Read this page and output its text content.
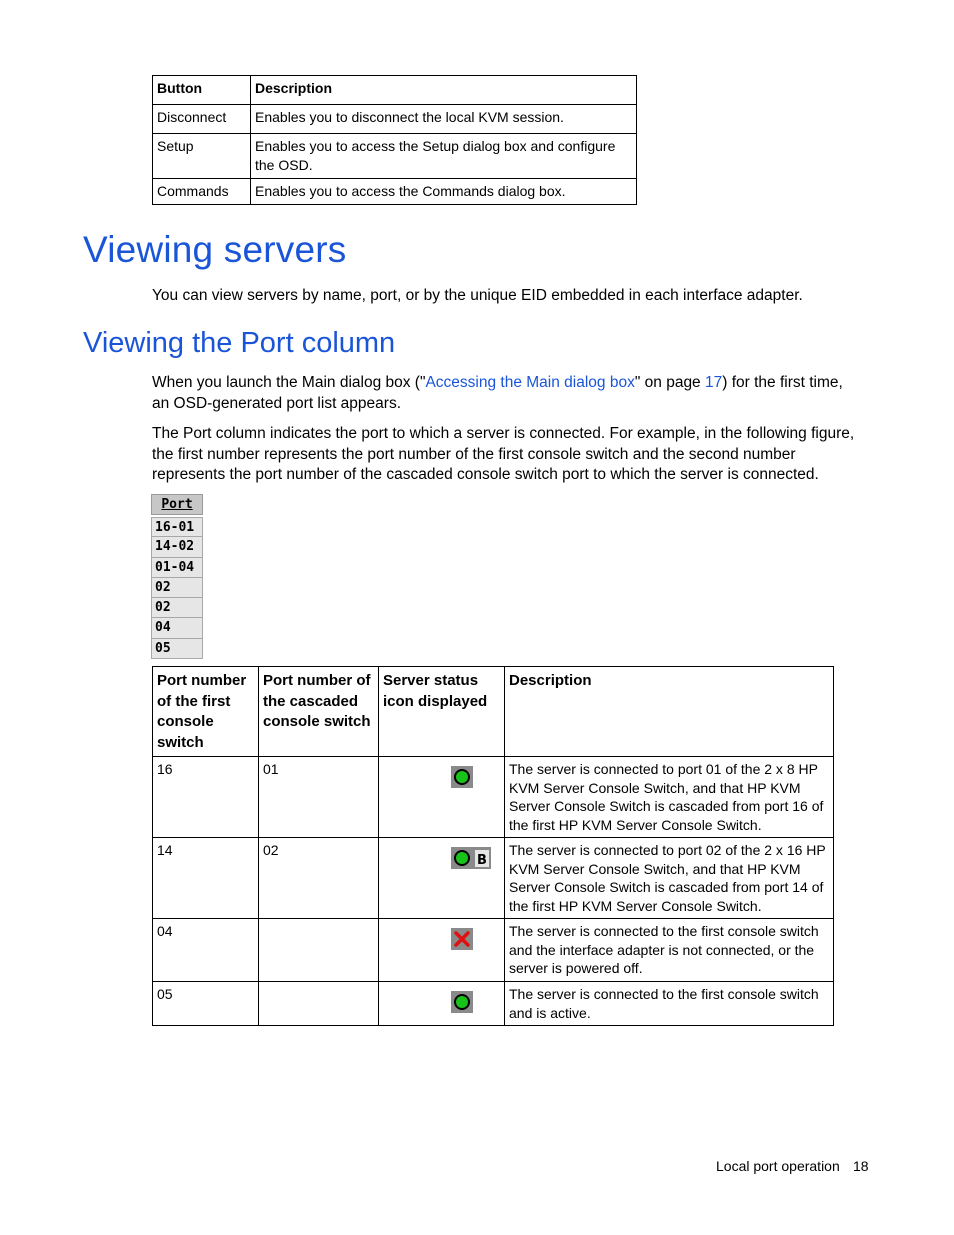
Button	Description
Disconnect	Enables you to disconnect the local KVM session.
Setup	Enables you to access the Setup dialog box and configure the OSD.
Commands	Enables you to access the Commands dialog box.
Viewing servers

You can view servers by name, port, or by the unique EID embedded in each interface adapter.

Viewing the Port column

When you launch the Main dialog box ("Accessing the Main dialog box" on page 17) for the first time, an OSD-generated port list appears.

The Port column indicates the port to which a server is connected. For example, in the following figure, the first number represents the port number of the first console switch and the second number represents the port number of the cascaded console switch port to which the server is connected.

Port
16-01
14-02
01-04
02
02
04
05
Port number of the first console switch	Port number of the cascaded console switch	Server status icon displayed	Description
16	01		The server is connected to port 01 of the 2 x 8 HP KVM Server Console Switch, and that HP KVM Server Console Switch is cascaded from port 16 of the first HP KVM Server Console Switch.
14	02	B	The server is connected to port 02 of the 2 x 16 HP KVM Server Console Switch, and that HP KVM Server Console Switch is cascaded from port 14 of the first HP KVM Server Console Switch.
04			The server is connected to the first console switch and the interface adapter is not connected, or the server is powered off.
05			The server is connected to the first console switch and is active.
Local port operation 18
